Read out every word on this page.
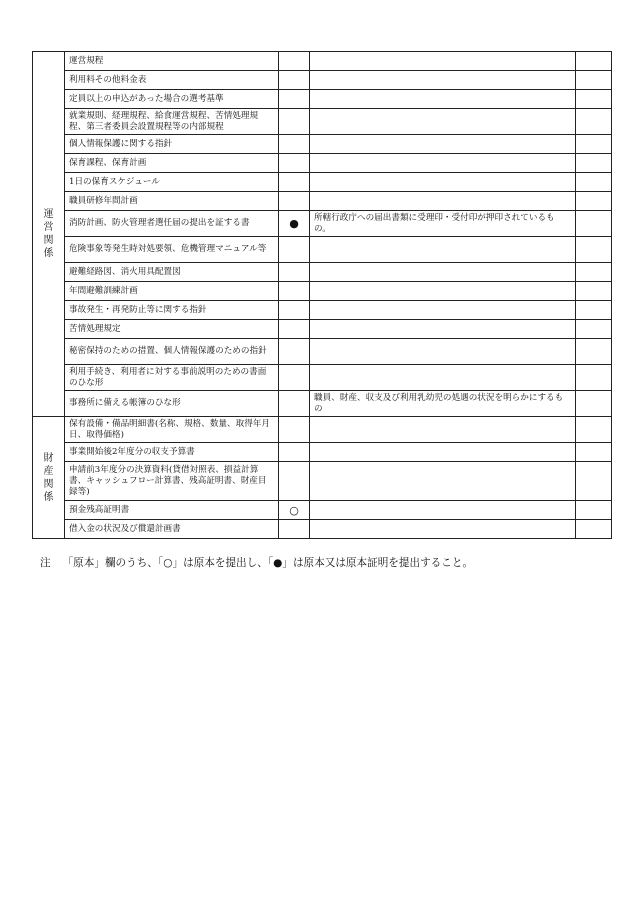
運営関係	運営規程			
	利用料その他料金表			
	定員以上の申込があった場合の選考基準			
	就業規則、経理規程、給食運営規程、苦情処理規程、第三者委員会設置規程等の内部規程			
	個人情報保護に関する指針			
	保育課程、保育計画			
	1日の保育スケジュール			
	職員研修年間計画			
	消防計画、防火管理者選任届の提出を証する書	●	所轄行政庁への届出書類に受理印・受付印が押印されているもの。	
	危険事象等発生時対処要領、危機管理マニュアル等			
	避難経路図、消火用具配置図			
	年間避難訓練計画			
	事故発生・再発防止等に関する指針			
	苦情処理規定			
	秘密保持のための措置、個人情報保護のための指針			
	利用手続き、利用者に対する事前説明のための書面のひな形			
	事務所に備える帳簿のひな形		職員、財産、収支及び利用乳幼児の処遇の状況を明らかにするもの	
財産関係	保有設備・備品明細書(名称、規格、数量、取得年月日、取得価格)			
	事業開始後2年度分の収支予算書			
	申請前3年度分の決算資料(貸借対照表、損益計算書、キャッシュフロー計算書、残高証明書、財産目録等)			
	預金残高証明書	○		
	借入金の状況及び償還計画書			
注 「原本」欄のうち、「○」は原本を提出し、「●」は原本又は原本証明を提出すること。
